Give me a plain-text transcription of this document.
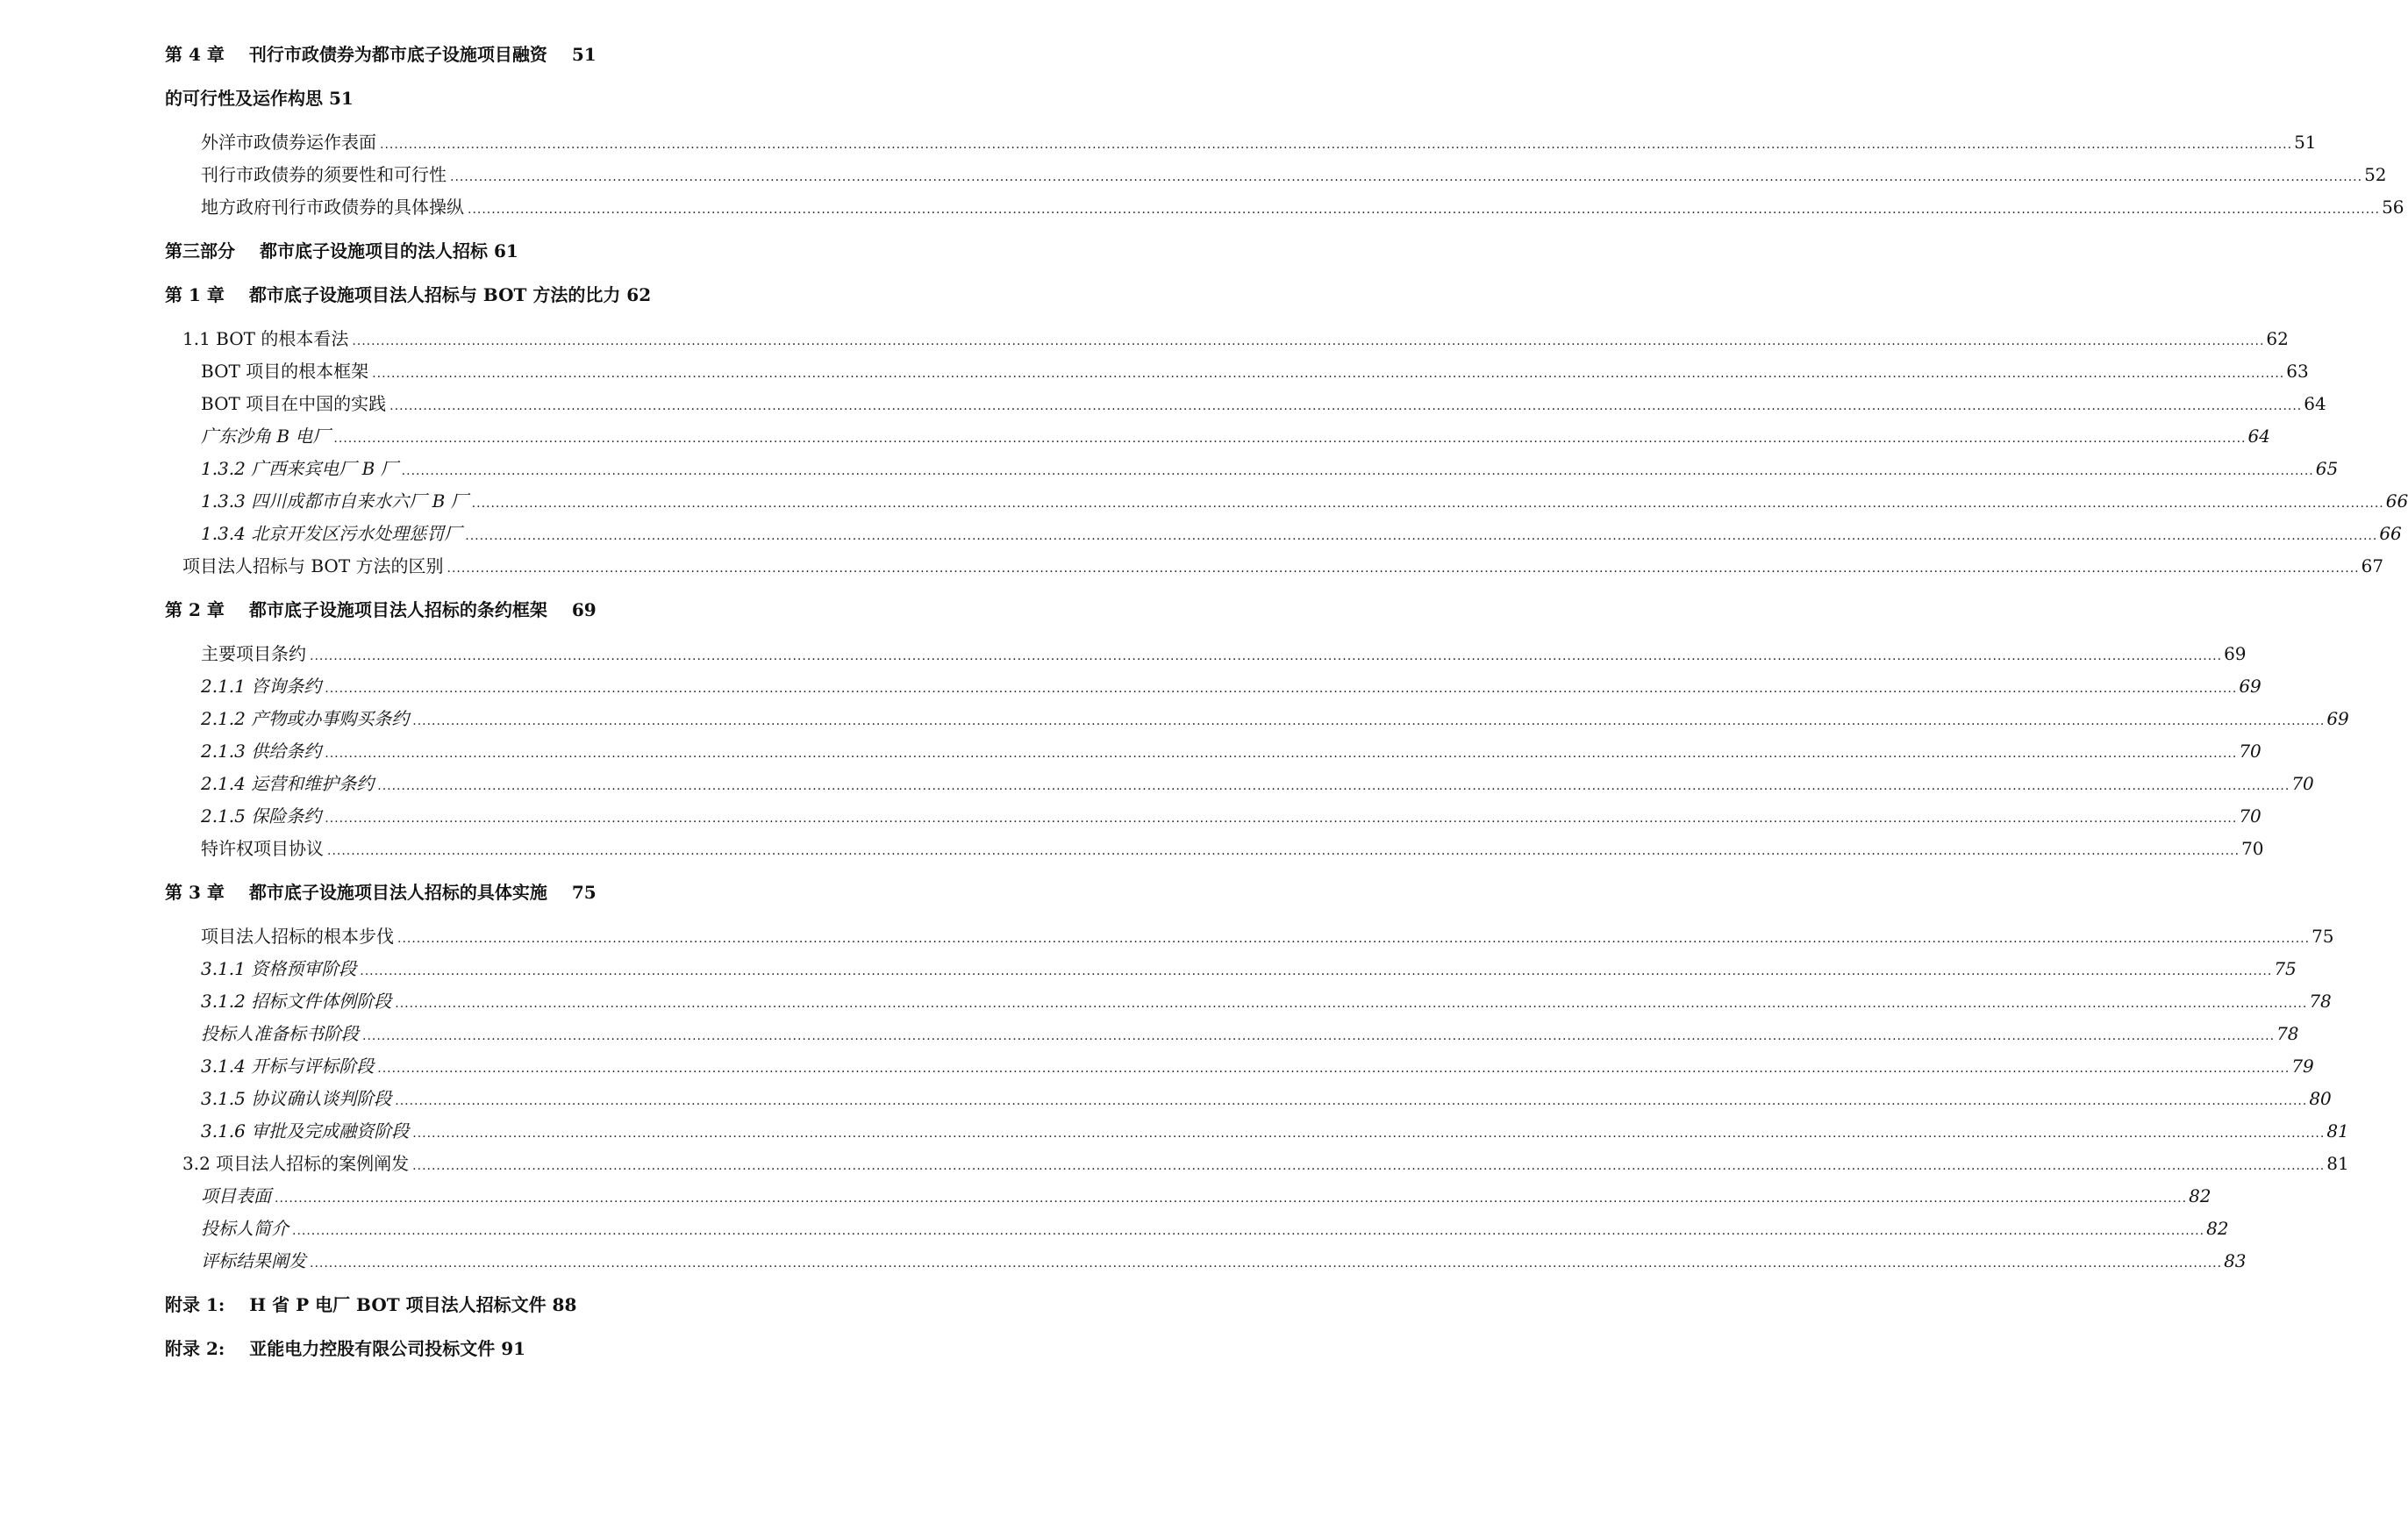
第 4 章 刊行市政债券为都市底子设施项目融资 51
的可行性及运作构思 51
外洋市政债券运作表面 ................................................................................................................................................................................................................................................................................................................................................................................................................ 51
刊行市政债券的须要性和可行性 ................................................................................................................................................................................................................................................................................................................................................................................................................ 52
地方政府刊行市政债券的具体操纵 ................................................................................................................................................................................................................................................................................................................................................................................................................ 56
第三部分 都市底子设施项目的法人招标 61
第 1 章 都市底子设施项目法人招标与 BOT 方法的比力 62
1.1 BOT 的根本看法 ................................................................................................................................................................................................................................................................................................................................................................................................................ 62
BOT 项目的根本框架 ................................................................................................................................................................................................................................................................................................................................................................................................................ 63
BOT 项目在中国的实践 ................................................................................................................................................................................................................................................................................................................................................................................................................ 64
广东沙角 B 电厂 ................................................................................................................................................................................................................................................................................................................................................................................................................ 64
1.3.2 广西来宾电厂 B 厂 ................................................................................................................................................................................................................................................................................................................................................................................................................ 65
1.3.3 四川成都市自来水六厂 B 厂 ................................................................................................................................................................................................................................................................................................................................................................................................................ 66
1.3.4 北京开发区污水处理惩罚厂 ................................................................................................................................................................................................................................................................................................................................................................................................................ 66
项目法人招标与 BOT 方法的区别 ................................................................................................................................................................................................................................................................................................................................................................................................................ 67
第 2 章 都市底子设施项目法人招标的条约框架 69
主要项目条约 ................................................................................................................................................................................................................................................................................................................................................................................................................ 69
2.1.1 咨询条约 ................................................................................................................................................................................................................................................................................................................................................................................................................ 69
2.1.2 产物或办事购买条约 ................................................................................................................................................................................................................................................................................................................................................................................................................ 69
2.1.3 供给条约 ................................................................................................................................................................................................................................................................................................................................................................................................................ 70
2.1.4 运营和维护条约 ................................................................................................................................................................................................................................................................................................................................................................................................................ 70
2.1.5 保险条约 ................................................................................................................................................................................................................................................................................................................................................................................................................ 70
特许权项目协议 ................................................................................................................................................................................................................................................................................................................................................................................................................ 70
第 3 章 都市底子设施项目法人招标的具体实施 75
项目法人招标的根本步伐 ................................................................................................................................................................................................................................................................................................................................................................................................................ 75
3.1.1 资格预审阶段 ................................................................................................................................................................................................................................................................................................................................................................................................................ 75
3.1.2 招标文件体例阶段 ................................................................................................................................................................................................................................................................................................................................................................................................................ 78
投标人准备标书阶段 ................................................................................................................................................................................................................................................................................................................................................................................................................ 78
3.1.4 开标与评标阶段 ................................................................................................................................................................................................................................................................................................................................................................................................................ 79
3.1.5 协议确认谈判阶段 ................................................................................................................................................................................................................................................................................................................................................................................................................ 80
3.1.6 审批及完成融资阶段 ................................................................................................................................................................................................................................................................................................................................................................................................................ 81
3.2 项目法人招标的案例阐发 ................................................................................................................................................................................................................................................................................................................................................................................................................ 81
项目表面 ................................................................................................................................................................................................................................................................................................................................................................................................................ 82
投标人简介 ................................................................................................................................................................................................................................................................................................................................................................................................................ 82
评标结果阐发 ................................................................................................................................................................................................................................................................................................................................................................................................................ 83
附录 1: H 省 P 电厂 BOT 项目法人招标文件 88
附录 2: 亚能电力控股有限公司投标文件 91
